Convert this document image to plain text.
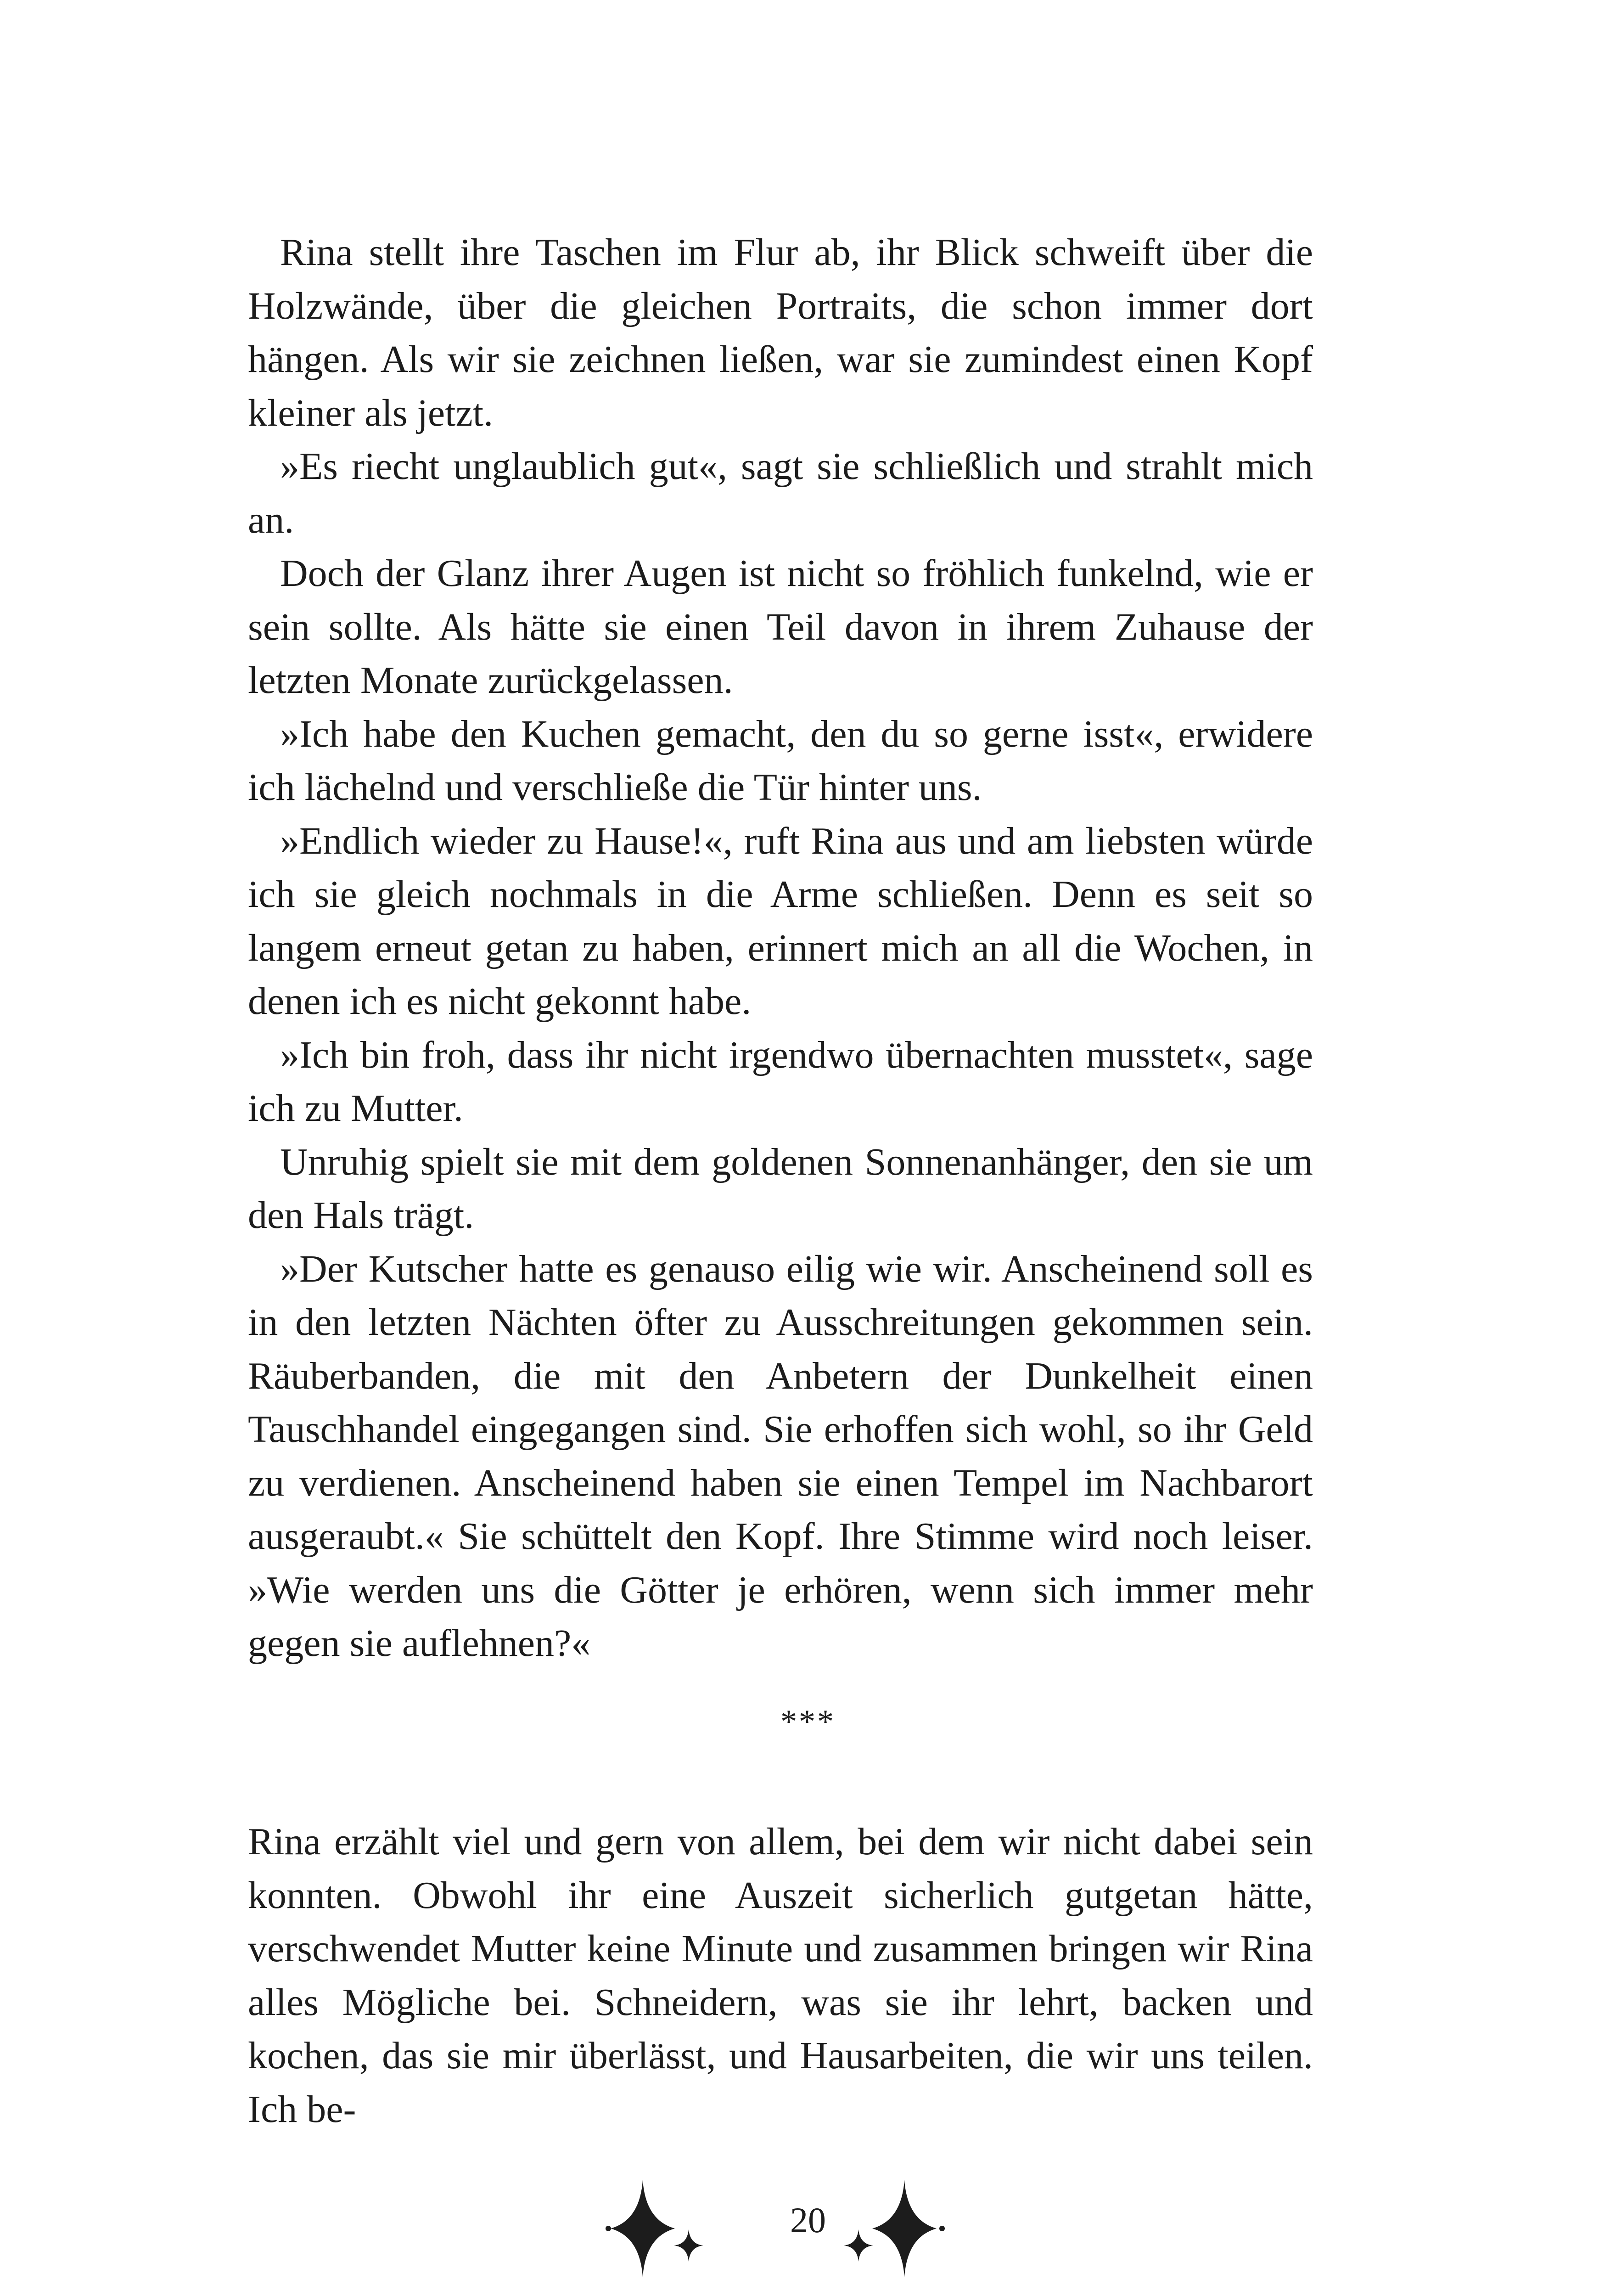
Rina stellt ihre Taschen im Flur ab, ihr Blick schweift über die Holzwände, über die gleichen Portraits, die schon immer dort hängen. Als wir sie zeichnen ließen, war sie zumindest einen Kopf kleiner als jetzt.

»Es riecht unglaublich gut«, sagt sie schließlich und strahlt mich an.

Doch der Glanz ihrer Augen ist nicht so fröhlich funkelnd, wie er sein sollte. Als hätte sie einen Teil davon in ihrem Zuhause der letzten Monate zurückgelassen.

»Ich habe den Kuchen gemacht, den du so gerne isst«, erwidere ich lächelnd und verschließe die Tür hinter uns.

»Endlich wieder zu Hause!«, ruft Rina aus und am liebsten würde ich sie gleich nochmals in die Arme schließen. Denn es seit so langem erneut getan zu haben, erinnert mich an all die Wochen, in denen ich es nicht gekonnt habe.

»Ich bin froh, dass ihr nicht irgendwo übernachten musstet«, sage ich zu Mutter.

Unruhig spielt sie mit dem goldenen Sonnenanhänger, den sie um den Hals trägt.

»Der Kutscher hatte es genauso eilig wie wir. Anscheinend soll es in den letzten Nächten öfter zu Ausschreitungen gekommen sein. Räuberbanden, die mit den Anbetern der Dunkelheit einen Tauschhandel eingegangen sind. Sie erhoffen sich wohl, so ihr Geld zu verdienen. Anscheinend haben sie einen Tempel im Nachbarort ausgeraubt.« Sie schüttelt den Kopf. Ihre Stimme wird noch leiser. »Wie werden uns die Götter je erhören, wenn sich immer mehr gegen sie auflehnen?«

***

Rina erzählt viel und gern von allem, bei dem wir nicht dabei sein konnten. Obwohl ihr eine Auszeit sicherlich gutgetan hätte, verschwendet Mutter keine Minute und zusammen bringen wir Rina alles Mögliche bei. Schneidern, was sie ihr lehrt, backen und kochen, das sie mir überlässt, und Hausarbeiten, die wir uns teilen. Ich be-

20
